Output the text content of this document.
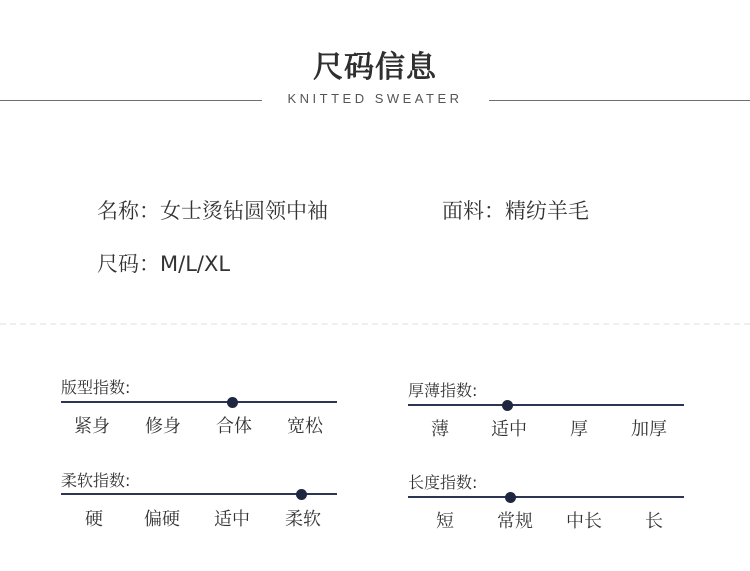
尺码信息
KNITTED SWEATER
名称：女士烫钻圆领中袖	面料：精纺羊毛
尺码：M/L/XL
版型指数:
紧身 修身 合体 宽松
厚薄指数:
薄 适中 厚 加厚
柔软指数:
硬 偏硬 适中 柔软
长度指数:
短 常规 中长 长
